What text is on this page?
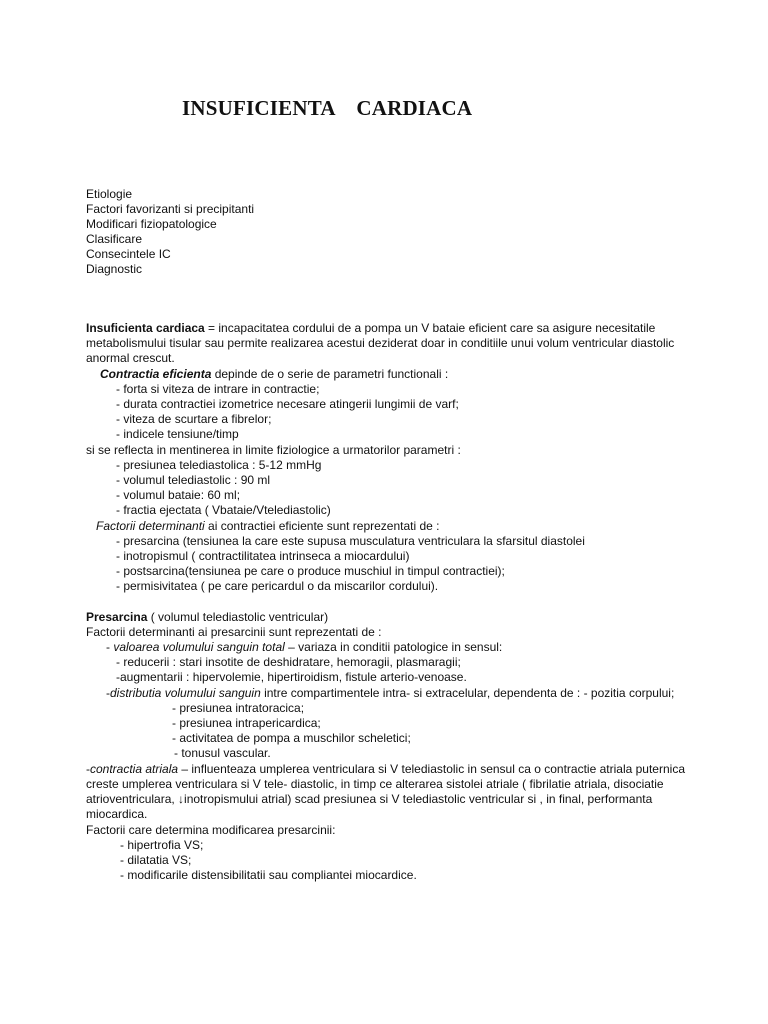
INSUFICIENTA    CARDIACA
Etiologie
Factori favorizanti si precipitanti
Modificari fiziopatologice
Clasificare
Consecintele IC
Diagnostic
Insuficienta cardiaca = incapacitatea cordului de a pompa un V bataie eficient care sa asigure necesitatile
metabolismului tisular sau permite realizarea acestui deziderat doar in conditiile unui volum ventricular diastolic
anormal crescut.
Contractia eficienta depinde de o serie de parametri functionali :
- forta si viteza de intrare in contractie;
- durata contractiei izometrice necesare atingerii lungimii de varf;
- viteza de scurtare a fibrelor;
- indicele tensiune/timp
si se reflecta in mentinerea in limite fiziologice a urmatorilor parametri :
- presiunea telediastolica : 5-12 mmHg
- volumul telediastolic : 90 ml
- volumul bataie: 60 ml;
- fractia ejectata ( Vbataie/Vtelediastolic)
Factorii determinanti ai contractiei eficiente sunt reprezentati de :
- presarcina (tensiunea la care este supusa musculatura ventriculara la sfarsitul diastolei
- inotropismul ( contractilitatea intrinseca a miocardului)
- postsarcina(tensiunea pe care o produce muschiul in timpul contractiei);
- permisivitatea ( pe care pericardul o da miscarilor cordului).
Presarcina ( volumul telediastolic ventricular)
Factorii determinanti ai presarcinii sunt reprezentati de :
- valoarea volumului sanguin total – variaza in conditii patologice in sensul:
- reducerii : stari insotite de deshidratare, hemoragii, plasmaragii;
-augmentarii : hipervolemie, hipertiroidism, fistule arterio-venoase.
-distributia volumului sanguin intre compartimentele intra- si extracelular, dependenta de : - pozitia corpului;
- presiunea intratoracica;
- presiunea intrapericardica;
- activitatea de pompa a muschilor scheletici;
- tonusul vascular.
-contractia atriala – influenteaza umplerea ventriculara si V telediastolic in sensul ca o contractie atriala puternica
creste umplerea ventriculara si V tele- diastolic, in timp ce alterarea sistolei atriale ( fibrilatie atriala, disociatie
atrioventriculara, ↓inotropismului atrial) scad presiunea si V telediastolic ventricular si , in final, performanta
miocardica.
Factorii care determina modificarea presarcinii:
- hipertrofia VS;
- dilatatia VS;
- modificarile distensibilitatii sau compliantei miocardice.
